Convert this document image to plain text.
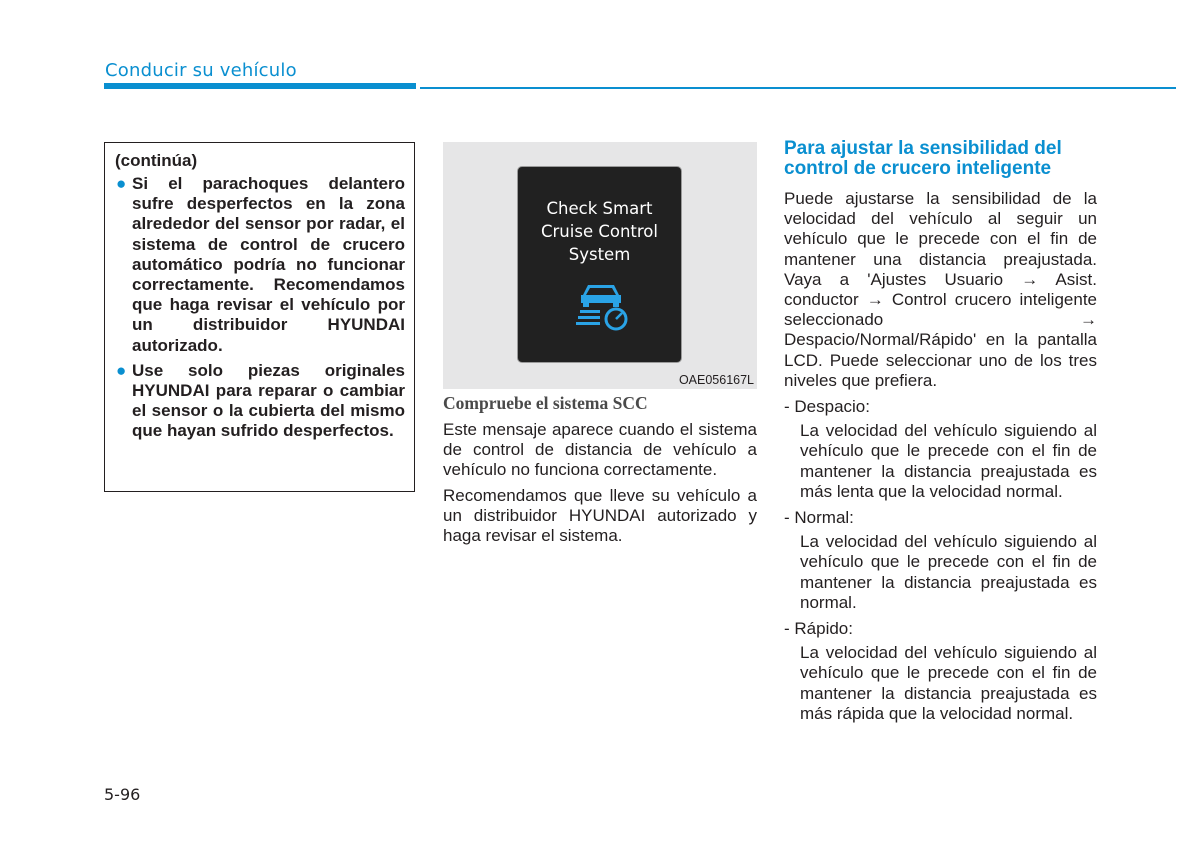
Conducir su vehículo
(continúa)
● Si el parachoques delantero sufre desperfectos en la zona alrededor del sensor por radar, el sistema de control de crucero automático podría no funcionar correctamente. Recomendamos que haga revisar el vehículo por un distribuidor HYUNDAI autorizado.
● Use solo piezas originales HYUNDAI para reparar o cambiar el sensor o la cubierta del mismo que hayan sufrido desperfectos.
Check Smart
Cruise Control
System
OAE056167L
Compruebe el sistema SCC

Este mensaje aparece cuando el sistema de control de distancia de vehículo a vehículo no funciona correctamente.

Recomendamos que lleve su vehículo a un distribuidor HYUNDAI autorizado y haga revisar el sistema.

Para ajustar la sensibilidad del control de crucero inteligente

Puede ajustarse la sensibilidad de la velocidad del vehículo al seguir un vehículo que le precede con el fin de mantener una distancia preajustada. Vaya a 'Ajustes Usuario → Asist. conductor → Control crucero inteligente seleccionado → Despacio/Normal/Rápido' en la pantalla LCD. Puede seleccionar uno de los tres niveles que prefiera.

- Despacio:
La velocidad del vehículo siguiendo al vehículo que le precede con el fin de mantener la distancia preajustada es más lenta que la velocidad normal.
- Normal:
La velocidad del vehículo siguiendo al vehículo que le precede con el fin de mantener la distancia preajustada es normal.
- Rápido:
La velocidad del vehículo siguiendo al vehículo que le precede con el fin de mantener la distancia preajustada es más rápida que la velocidad normal.
5-96
